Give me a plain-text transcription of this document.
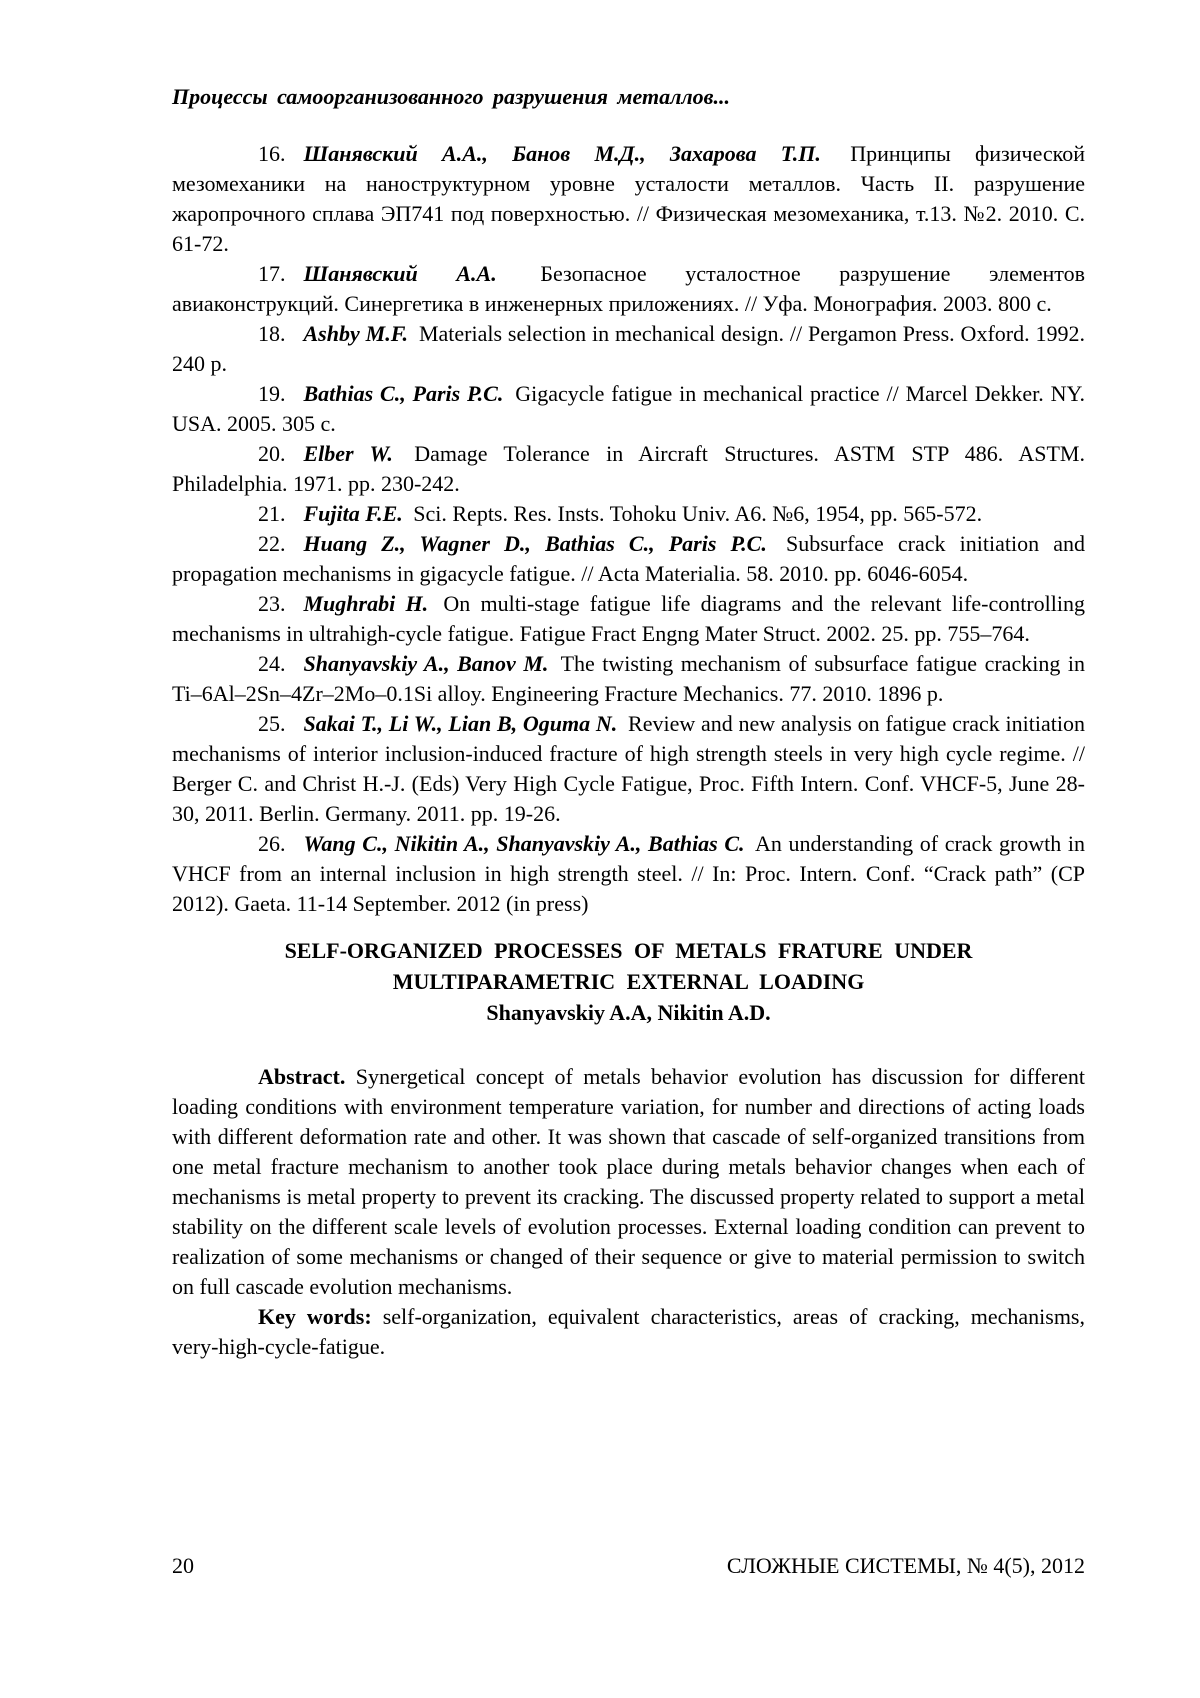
Процессы самоорганизованного разрушения металлов...

16. Шанявский А.А., Банов М.Д., Захарова Т.П. Принципы физической мезомеханики на наноструктурном уровне усталости металлов. Часть II. разрушение жаропрочного сплава ЭП741 под поверхностью. // Физическая мезомеханика, т.13. №2. 2010. С. 61-72.

17. Шанявский А.А. Безопасное усталостное разрушение элементов авиаконструкций. Синергетика в инженерных приложениях. // Уфа. Монография. 2003. 800 с.

18. Ashby M.F. Materials selection in mechanical design. // Pergamon Press. Oxford. 1992. 240 p.

19. Bathias C., Paris P.C. Gigacycle fatigue in mechanical practice // Marcel Dekker. NY. USA. 2005. 305 c.

20. Elber W. Damage Tolerance in Aircraft Structures. ASTM STP 486. ASTM. Philadelphia. 1971. pp. 230-242.

21. Fujita F.E. Sci. Repts. Res. Insts. Tohoku Univ. A6. №6, 1954, pp. 565-572.

22. Huang Z., Wagner D., Bathias C., Paris P.C. Subsurface crack initiation and propagation mechanisms in gigacycle fatigue. // Acta Materialia. 58. 2010. pp. 6046-6054.

23. Mughrabi H. On multi-stage fatigue life diagrams and the relevant life-controlling mechanisms in ultrahigh-cycle fatigue. Fatigue Fract Engng Mater Struct. 2002. 25. pp. 755–764.

24. Shanyavskiy A., Banov M. The twisting mechanism of subsurface fatigue cracking in Ti–6Al–2Sn–4Zr–2Mo–0.1Si alloy. Engineering Fracture Mechanics. 77. 2010. 1896 p.

25. Sakai T., Li W., Lian B, Oguma N. Review and new analysis on fatigue crack initiation mechanisms of interior inclusion-induced fracture of high strength steels in very high cycle regime. // Berger C. and Christ H.-J. (Eds) Very High Cycle Fatigue, Proc. Fifth Intern. Conf. VHCF-5, June 28-30, 2011. Berlin. Germany. 2011. pp. 19-26.

26. Wang C., Nikitin A., Shanyavskiy A., Bathias C. An understanding of crack growth in VHCF from an internal inclusion in high strength steel. // In: Proc. Intern. Conf. “Crack path” (CP 2012). Gaeta. 11-14 September. 2012 (in press)

SELF-ORGANIZED PROCESSES OF METALS FRATURE UNDER
MULTIPARAMETRIC EXTERNAL LOADING
Shanyavskiy A.A, Nikitin A.D.

Abstract. Synergetical concept of metals behavior evolution has discussion for different loading conditions with environment temperature variation, for number and directions of acting loads with different deformation rate and other. It was shown that cascade of self-organized transitions from one metal fracture mechanism to another took place during metals behavior changes when each of mechanisms is metal property to prevent its cracking. The discussed property related to support a metal stability on the different scale levels of evolution processes. External loading condition can prevent to realization of some mechanisms or changed of their sequence or give to material permission to switch on full cascade evolution mechanisms.

Key words: self-organization, equivalent characteristics, areas of cracking, mechanisms, very-high-cycle-fatigue.

20	СЛОЖНЫЕ СИСТЕМЫ, № 4(5), 2012
